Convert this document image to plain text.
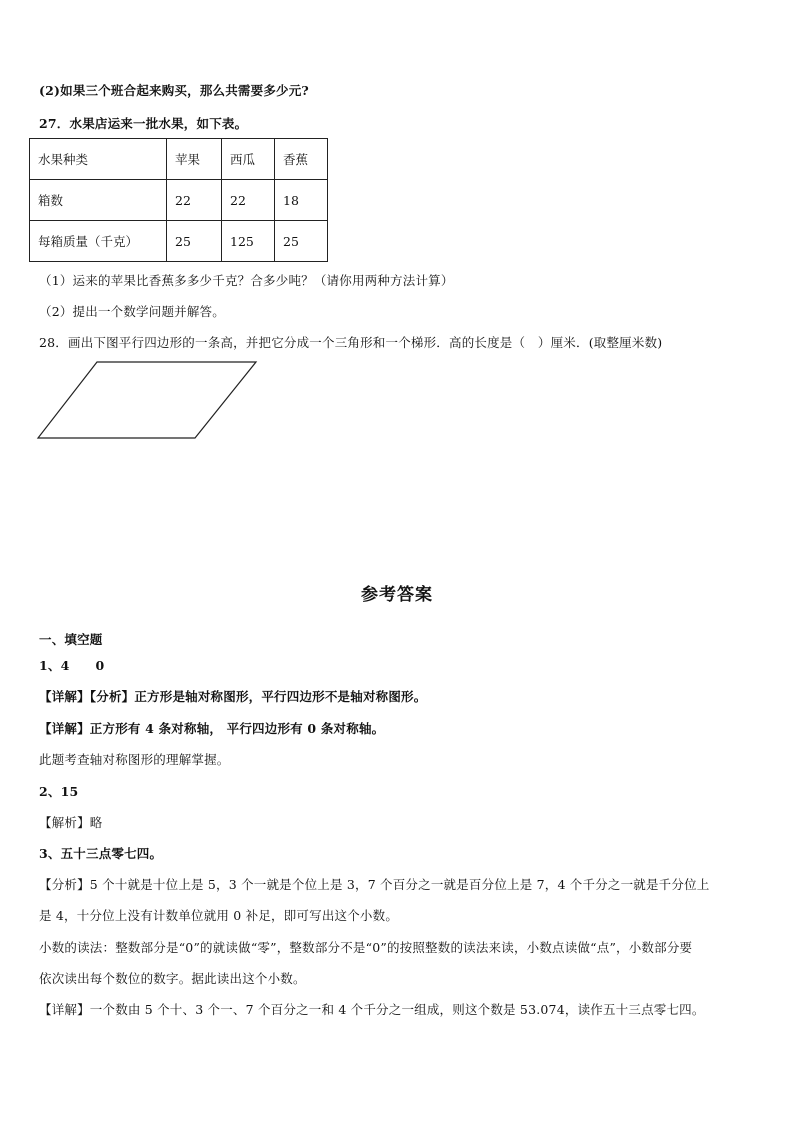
(2)如果三个班合起来购买，那么共需要多少元?
27．水果店运来一批水果，如下表。
水果种类	苹果	西瓜	香蕉
箱数	22	22	18
每箱质量（千克）	25	125	25
（1）运来的苹果比香蕉多多少千克？合多少吨？（请你用两种方法计算）
（2）提出一个数学问题并解答。
28．画出下图平行四边形的一条高，并把它分成一个三角形和一个梯形．高的长度是（　）厘米．(取整厘米数)
参考答案
一、填空题
1、4 0
【详解】【分析】正方形是轴对称图形，平行四边形不是轴对称图形。
【详解】正方形有 4 条对称轴， 平行四边形有 0 条对称轴。
此题考查轴对称图形的理解掌握。
2、15
【解析】略
3、五十三点零七四。
【分析】5 个十就是十位上是 5，3 个一就是个位上是 3，7 个百分之一就是百分位上是 7，4 个千分之一就是千分位上
是 4，十分位上没有计数单位就用 0 补足，即可写出这个小数。
小数的读法：整数部分是“0”的就读做“零”，整数部分不是“0”的按照整数的读法来读，小数点读做“点”，小数部分要
依次读出每个数位的数字。据此读出这个小数。
【详解】一个数由 5 个十、3 个一、7 个百分之一和 4 个千分之一组成，则这个数是 53.074，读作五十三点零七四。
